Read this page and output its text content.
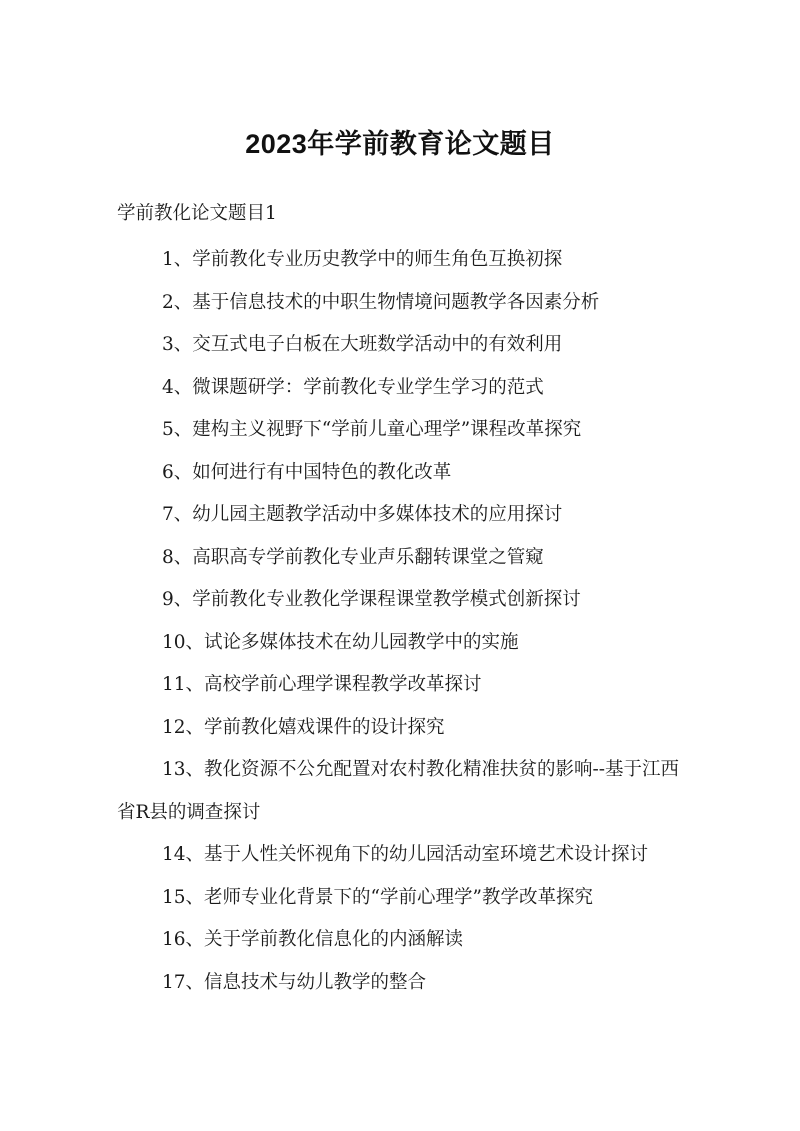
2023年学前教育论文题目
学前教化论文题目1
1、学前教化专业历史教学中的师生角色互换初探
2、基于信息技术的中职生物情境问题教学各因素分析
3、交互式电子白板在大班数学活动中的有效利用
4、微课题研学：学前教化专业学生学习的范式
5、建构主义视野下“学前儿童心理学”课程改革探究
6、如何进行有中国特色的教化改革
7、幼儿园主题教学活动中多媒体技术的应用探讨
8、高职高专学前教化专业声乐翻转课堂之管窥
9、学前教化专业教化学课程课堂教学模式创新探讨
10、试论多媒体技术在幼儿园教学中的实施
11、高校学前心理学课程教学改革探讨
12、学前教化嬉戏课件的设计探究
13、教化资源不公允配置对农村教化精准扶贫的影响--基于江西省R县的调查探讨
14、基于人性关怀视角下的幼儿园活动室环境艺术设计探讨
15、老师专业化背景下的“学前心理学”教学改革探究
16、关于学前教化信息化的内涵解读
17、信息技术与幼儿教学的整合
